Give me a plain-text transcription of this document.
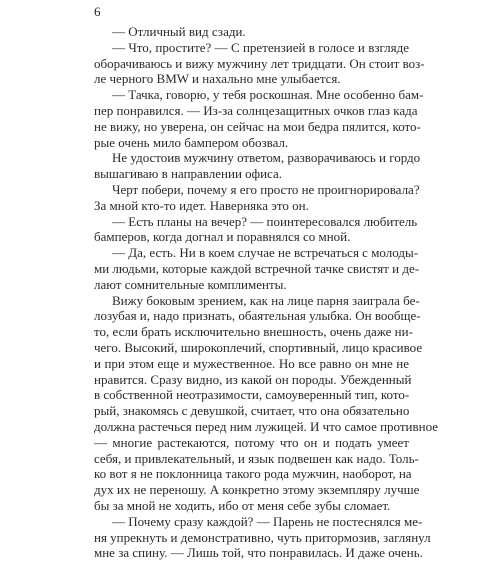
6
— Отличный вид сзади.
— Что, простите? — С претензией в голосе и взгляде
оборачиваюсь и вижу мужчину лет тридцати. Он стоит воз-
ле черного BMW и нахально мне улыбается.
— Тачка, говорю, у тебя роскошная. Мне особенно бам-
пер понравился. — Из-за солнцезащитных очков глаз када
не вижу, но уверена, он сейчас на мои бедра пялится, кото-
рые очень мило бампером обозвал.
Не удостоив мужчину ответом, разворачиваюсь и гордо
вышагиваю в направлении офиса.
Черт побери, почему я его просто не проигнорировала?
За мной кто-то идет. Наверняка это он.
— Есть планы на вечер? — поинтересовался любитель
бамперов, когда догнал и поравнялся со мной.
— Да, есть. Ни в коем случае не встречаться с молоды-
ми людьми, которые каждой встречной тачке свистят и де-
лают сомнительные комплименты.
Вижу боковым зрением, как на лице парня заиграла бе-
лозубая и, надо признать, обаятельная улыбка. Он вообще-
то, если брать исключительно внешность, очень даже ни-
чего. Высокий, широкоплечий, спортивный, лицо красивое
и при этом еще и мужественное. Но все равно он мне не
нравится. Сразу видно, из какой он породы. Убежденный
в собственной неотразимости, самоуверенный тип, кото-
рый, знакомясь с девушкой, считает, что она обязательно
должна растечься перед ним лужицей. И что самое противное
— многие растекаются, потому что он и подать умеет
себя, и привлекательный, и язык подвешен как надо. Толь-
ко вот я не поклонница такого рода мужчин, наоборот, на
дух их не переношу. А конкретно этому экземпляру лучше
бы за мной не ходить, ибо от меня себе зубы сломает.
— Почему сразу каждой? — Парень не постеснялся ме-
ня упрекнуть и демонстративно, чуть притормозив, заглянул
мне за спину. — Лишь той, что понравилась. И даже очень.
